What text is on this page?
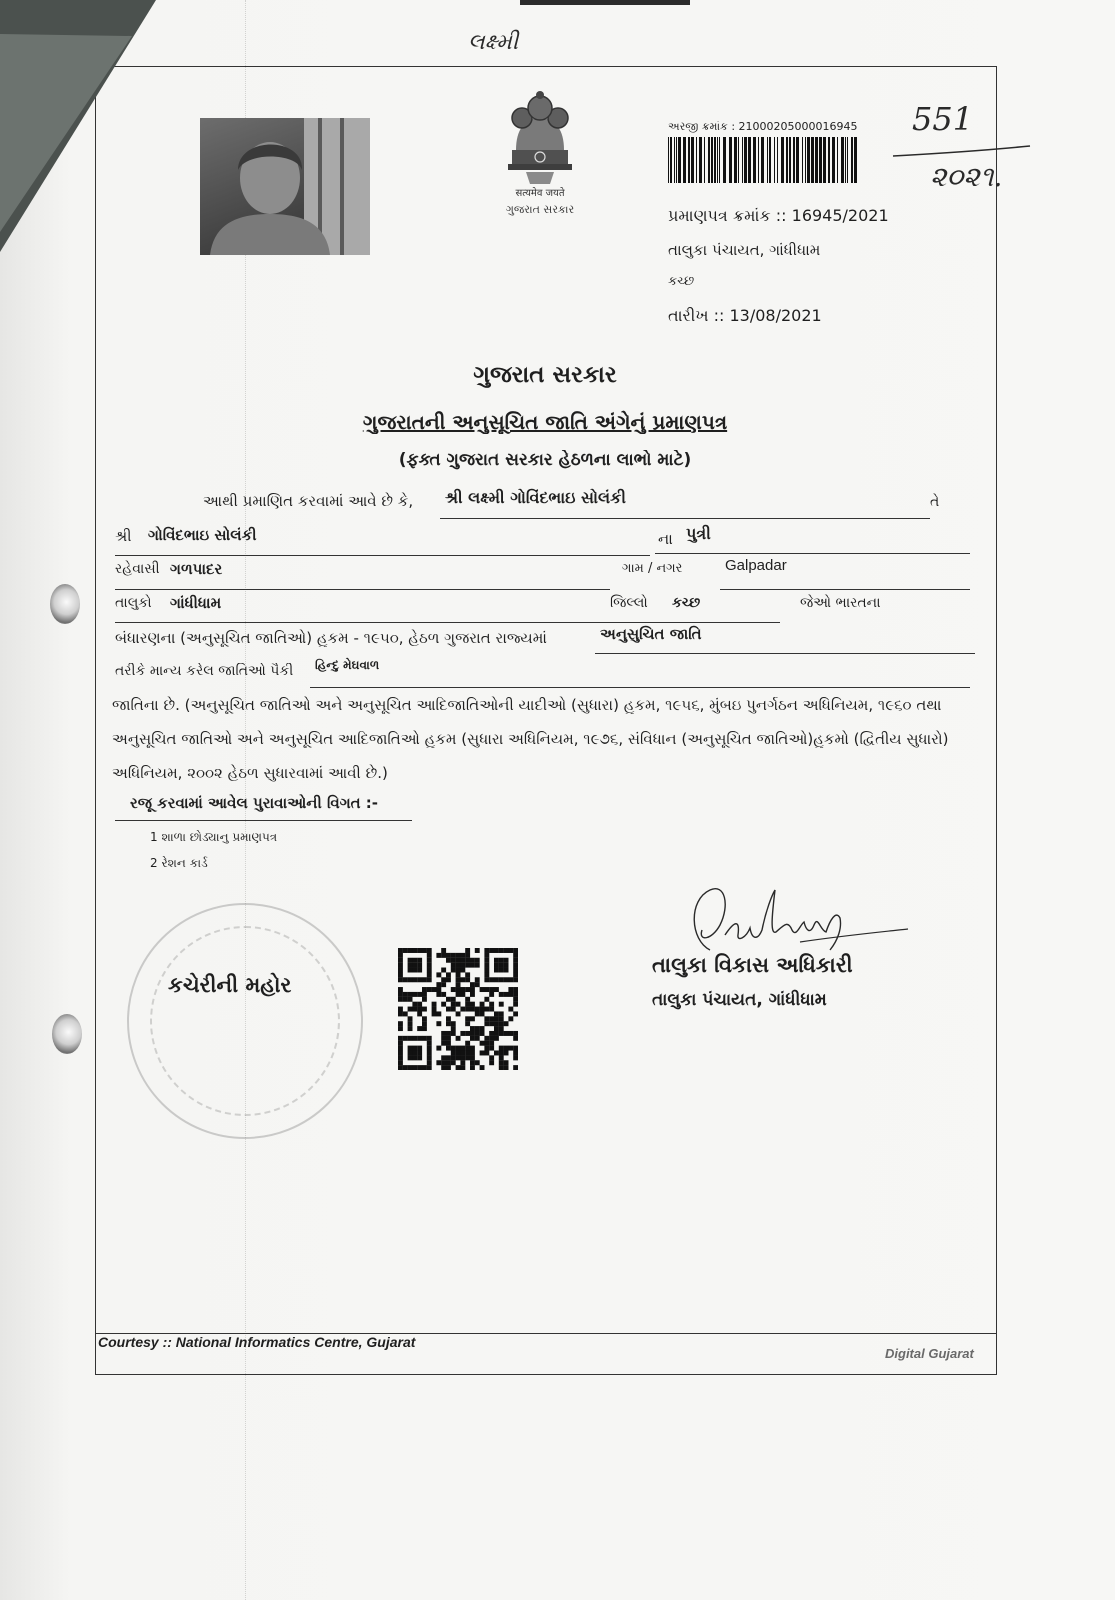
લક્ષ્મી
551
૨૦૨૧.
सत्यमेव जयते
ગુજરાત સરકાર
અરજી ક્રમાંક : 21000205000016945
પ્રમાણપત્ર ક્રમાંક :: 16945/2021
તાલુકા પંચાયત, ગાંધીધામ
કચ્છ
તારીખ :: 13/08/2021
ગુજરાત સરકાર
ગુજરાતની અનુસૂચિત જાતિ અંગેનું પ્રમાણપત્ર
(ફક્ત ગુજરાત સરકાર હેઠળના લાભો માટે)
આથી પ્રમાણિત કરવામાં આવે છે કે,	શ્રી લક્ષ્મી ગોવિંદભાઇ સોલંકી	તે
શ્રી ગોવિંદભાઇ સોલંકી	ના પુત્રી
રહેવાસી ગળપાદર	ગામ / નગર	Galpadar
તાલુકો ગાંધીધામ	જિલ્લો કચ્છ	જેઓ ભારતના
બંધારણના (અનુસૂચિત જાતિઓ) હુકમ - ૧૯૫૦, હેઠળ ગુજરાત રાજ્યમાં	અનુસુચિત જાતિ
તરીકે માન્ય કરેલ જાતિઓ પૈકી	હિન્દુ મેઘવાળ
જાતિના છે. (અનુસૂચિત જાતિઓ અને અનુસૂચિત આદિજાતિઓની યાદીઓ (સુધારા) હુકમ, ૧૯૫૬, મુંબઇ પુનર્ગઠન અધિનિયમ, ૧૯૬૦ તથા
અનુસૂચિત જાતિઓ અને અનુસૂચિત આદિજાતિઓ હુકમ (સુધારા અધિનિયમ, ૧૯૭૬, સંવિધાન (અનુસૂચિત જાતિઓ)હુકમો (દ્વિતીય સુધારો)
અધિનિયમ, ૨૦૦૨ હેઠળ સુધારવામાં આવી છે.)
રજૂ કરવામાં આવેલ પુરાવાઓની વિગત :-
1 શાળા છોડ્યાનુ પ્રમાણપત્ર
2 રેશન કાર્ડ
કચેરીની મહોર
તાલુકા વિકાસ અધિકારી
તાલુકા પંચાયત, ગાંધીધામ
Courtesy :: National Informatics Centre, Gujarat
Digital Gujarat
